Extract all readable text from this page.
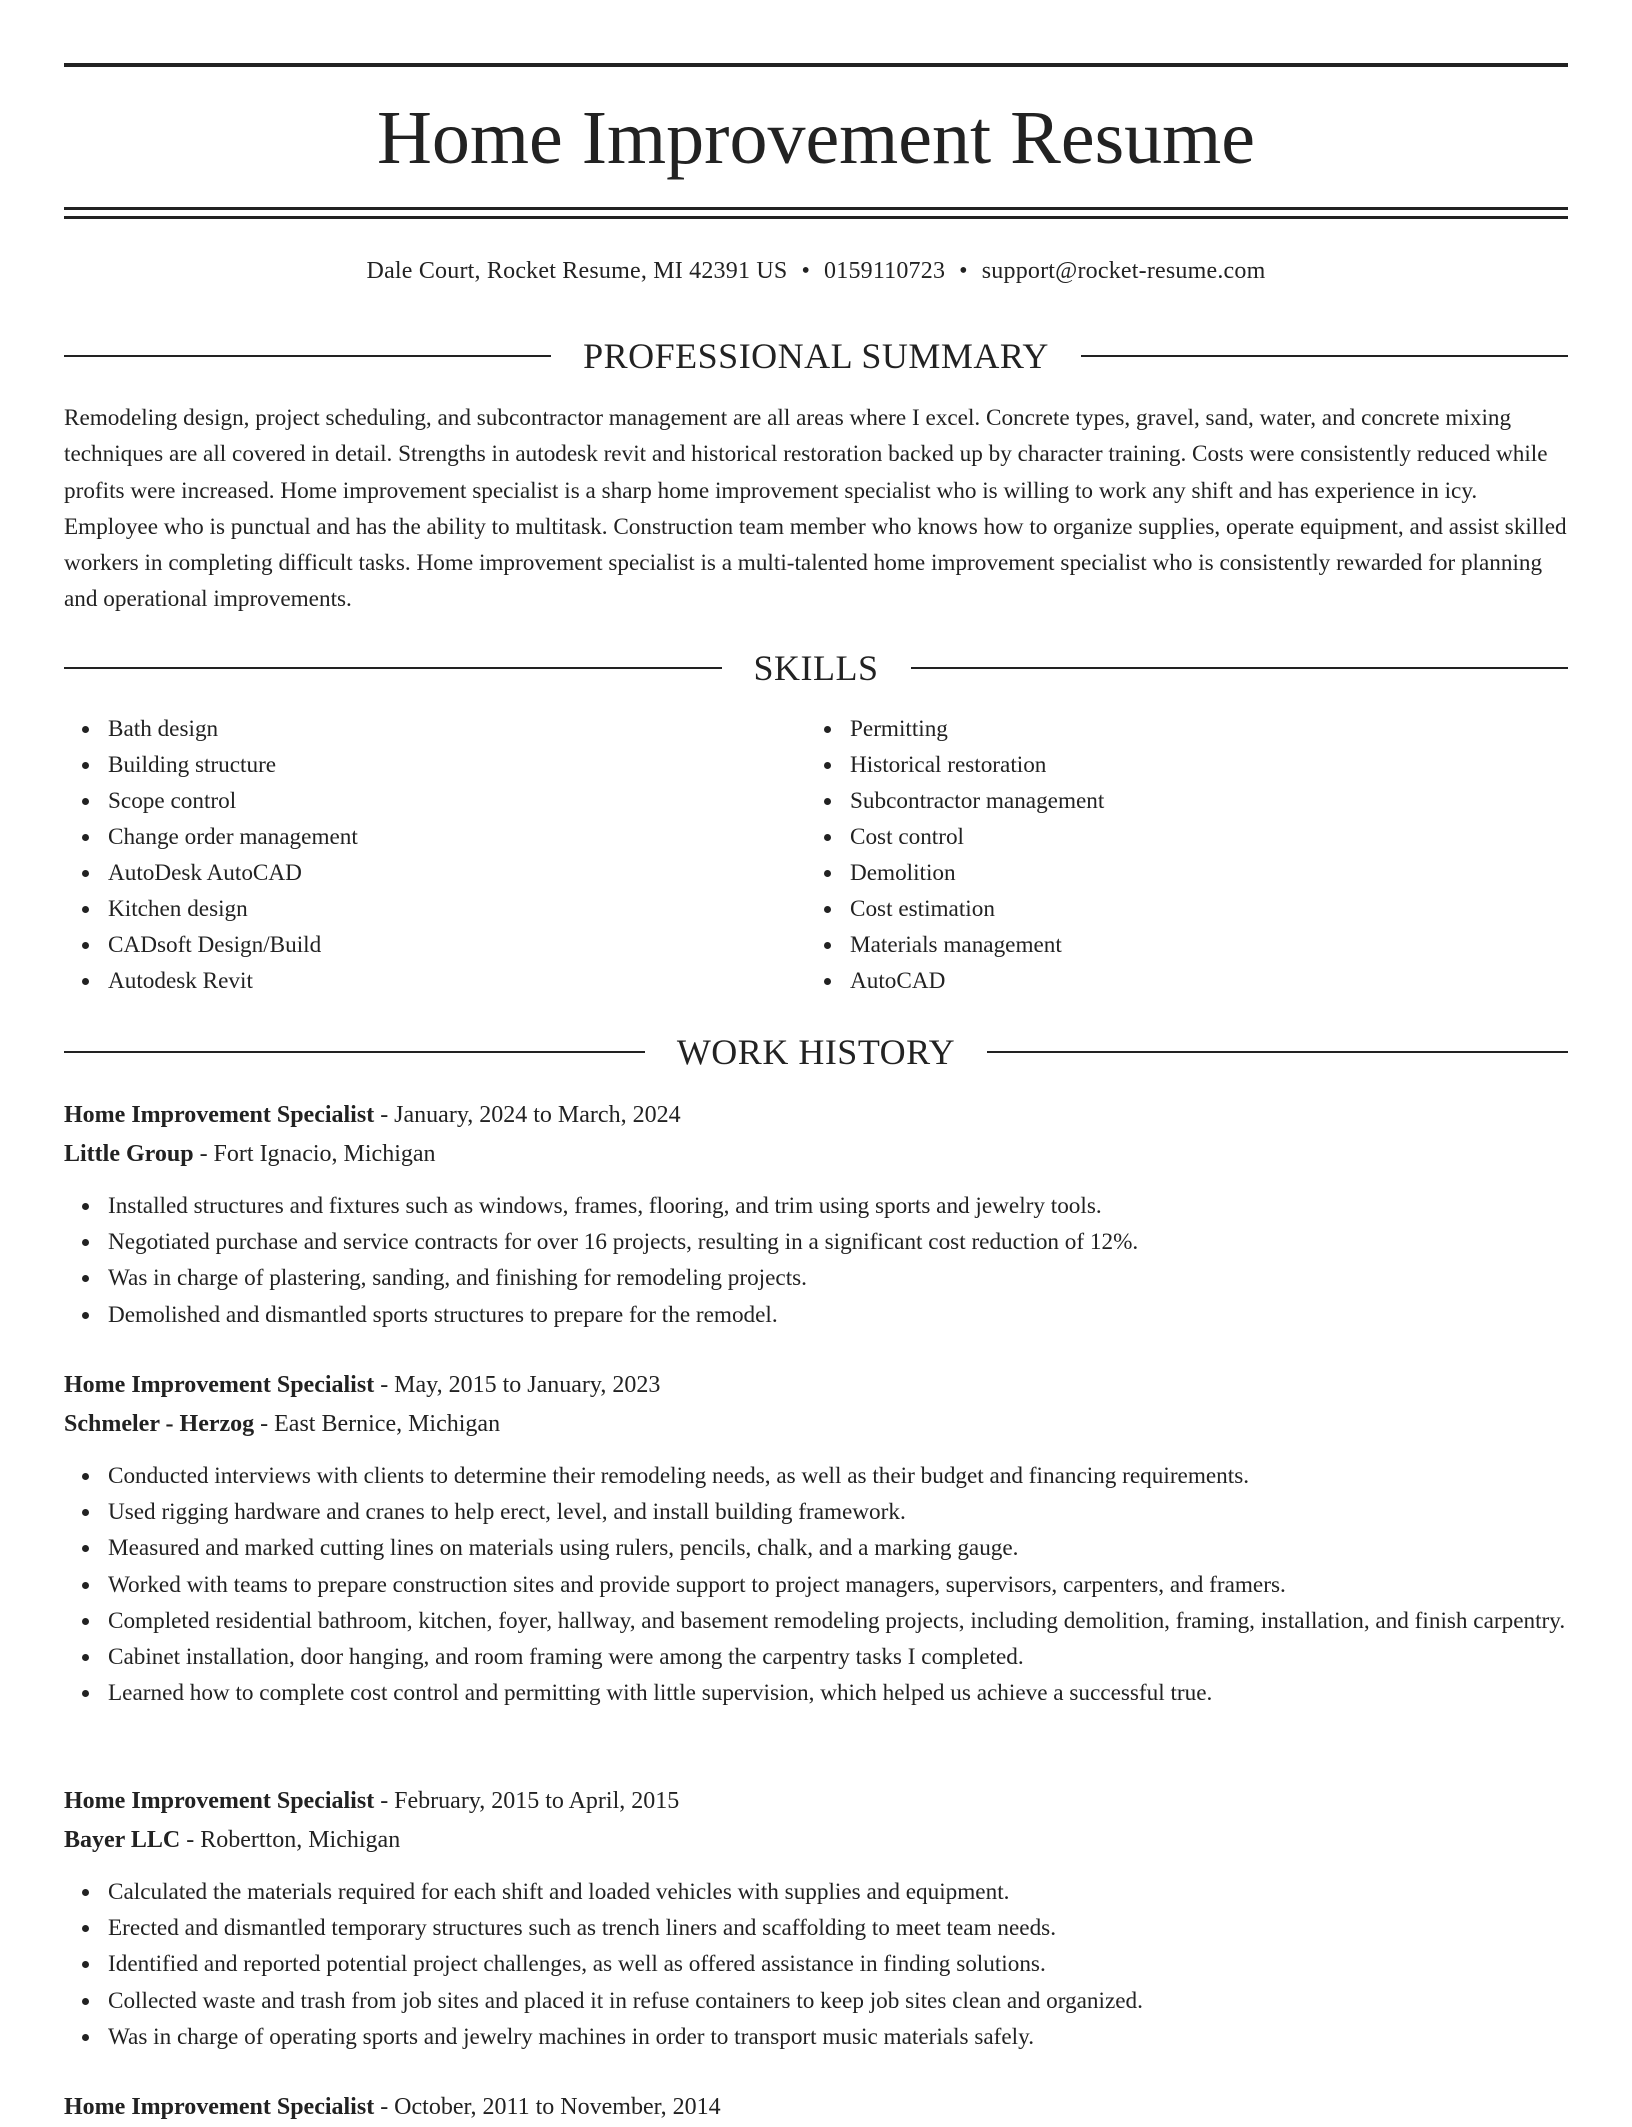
Home Improvement Resume
Dale Court, Rocket Resume, MI 42391 US • 0159110723 • support@rocket-resume.com
PROFESSIONAL SUMMARY

Remodeling design, project scheduling, and subcontractor management are all areas where I excel. Concrete types, gravel, sand, water, and concrete mixing techniques are all covered in detail. Strengths in autodesk revit and historical restoration backed up by character training. Costs were consistently reduced while profits were increased. Home improvement specialist is a sharp home improvement specialist who is willing to work any shift and has experience in icy. Employee who is punctual and has the ability to multitask. Construction team member who knows how to organize supplies, operate equipment, and assist skilled workers in completing difficult tasks. Home improvement specialist is a multi-talented home improvement specialist who is consistently rewarded for planning and operational improvements.

SKILLS
Bath design
Building structure
Scope control
Change order management
AutoDesk AutoCAD
Kitchen design
CADsoft Design/Build
Autodesk Revit
Permitting
Historical restoration
Subcontractor management
Cost control
Demolition
Cost estimation
Materials management
AutoCAD
WORK HISTORY

Home Improvement Specialist - January, 2024 to March, 2024

Little Group - Fort Ignacio, Michigan

Installed structures and fixtures such as windows, frames, flooring, and trim using sports and jewelry tools.
Negotiated purchase and service contracts for over 16 projects, resulting in a significant cost reduction of 12%.
Was in charge of plastering, sanding, and finishing for remodeling projects.
Demolished and dismantled sports structures to prepare for the remodel.

Home Improvement Specialist - May, 2015 to January, 2023

Schmeler - Herzog - East Bernice, Michigan

Conducted interviews with clients to determine their remodeling needs, as well as their budget and financing requirements.
Used rigging hardware and cranes to help erect, level, and install building framework.
Measured and marked cutting lines on materials using rulers, pencils, chalk, and a marking gauge.
Worked with teams to prepare construction sites and provide support to project managers, supervisors, carpenters, and framers.
Completed residential bathroom, kitchen, foyer, hallway, and basement remodeling projects, including demolition, framing, installation, and finish carpentry.
Cabinet installation, door hanging, and room framing were among the carpentry tasks I completed.
Learned how to complete cost control and permitting with little supervision, which helped us achieve a successful true.

Home Improvement Specialist - February, 2015 to April, 2015

Bayer LLC - Robertton, Michigan

Calculated the materials required for each shift and loaded vehicles with supplies and equipment.
Erected and dismantled temporary structures such as trench liners and scaffolding to meet team needs.
Identified and reported potential project challenges, as well as offered assistance in finding solutions.
Collected waste and trash from job sites and placed it in refuse containers to keep job sites clean and organized.
Was in charge of operating sports and jewelry machines in order to transport music materials safely.

Home Improvement Specialist - October, 2011 to November, 2014
